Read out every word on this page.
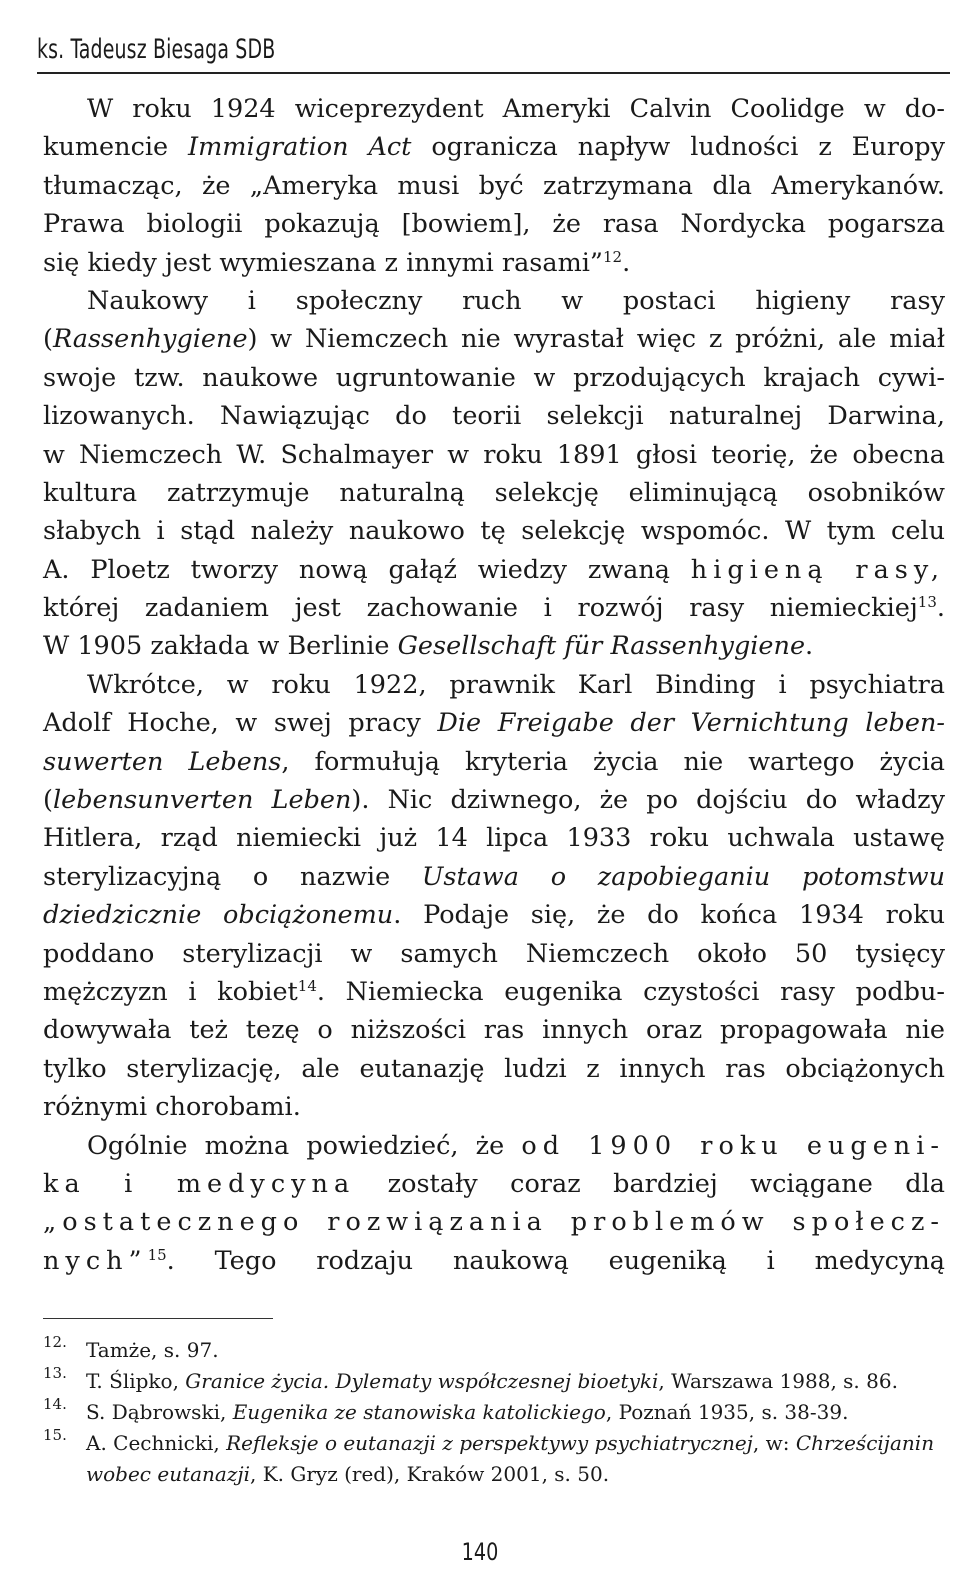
ks. Tadeusz Biesaga SDB
W roku 1924 wiceprezydent Ameryki Calvin Coolidge w do-
kumencie Immigration Act ogranicza napływ ludności z Europy
tłumacząc, że „Ameryka musi być zatrzymana dla Amerykanów.
Prawa biologii pokazują [bowiem], że rasa Nordycka pogarsza
się kiedy jest wymieszana z innymi rasami”$^{12}$.
Naukowy i społeczny ruch w postaci higieny rasy
(Rassenhygiene) w Niemczech nie wyrastał więc z próżni, ale miał
swoje tzw. naukowe ugruntowanie w przodujących krajach cywi-
lizowanych. Nawiązując do teorii selekcji naturalnej Darwina,
w Niemczech W. Schalmayer w roku 1891 głosi teorię, że obecna
kultura zatrzymuje naturalną selekcję eliminującą osobników
słabych i stąd należy naukowo tę selekcję wspomóc. W tym celu
A. Ploetz tworzy nową gałąź wiedzy zwaną higieną rasy,
której zadaniem jest zachowanie i rozwój rasy niemieckiej$^{13}$.
W 1905 zakłada w Berlinie Gesellschaft für Rassenhygiene.
Wkrótce, w roku 1922, prawnik Karl Binding i psychiatra
Adolf Hoche, w swej pracy Die Freigabe der Vernichtung leben-
suwerten Lebens, formułują kryteria życia nie wartego życia
(lebensunverten Leben). Nic dziwnego, że po dojściu do władzy
Hitlera, rząd niemiecki już 14 lipca 1933 roku uchwala ustawę
sterylizacyjną o nazwie Ustawa o zapobieganiu potomstwu
dziedzicznie obciążonemu. Podaje się, że do końca 1934 roku
poddano sterylizacji w samych Niemczech około 50 tysięcy
mężczyzn i kobiet$^{14}$. Niemiecka eugenika czystości rasy podbu-
dowywała też tezę o niższości ras innych oraz propagowała nie
tylko sterylizację, ale eutanazję ludzi z innych ras obciążonych
różnymi chorobami.
Ogólnie można powiedzieć, że od 1900 roku eugeni-
ka i medycyna zostały coraz bardziej wciągane dla
„ostatecznego rozwiązania problemów społecz-
nych”$^{15}$. Tego rodzaju naukową eugeniką i medycyną
12. Tamże, s. 97.
13. T. Ślipko, Granice życia. Dylematy współczesnej bioetyki, Warszawa 1988, s. 86.
14. S. Dąbrowski, Eugenika ze stanowiska katolickiego, Poznań 1935, s. 38-39.
15. A. Cechnicki, Refleksje o eutanazji z perspektywy psychiatrycznej, w: Chrześcijanin wobec eutanazji, K. Gryz (red), Kraków 2001, s. 50.
140
